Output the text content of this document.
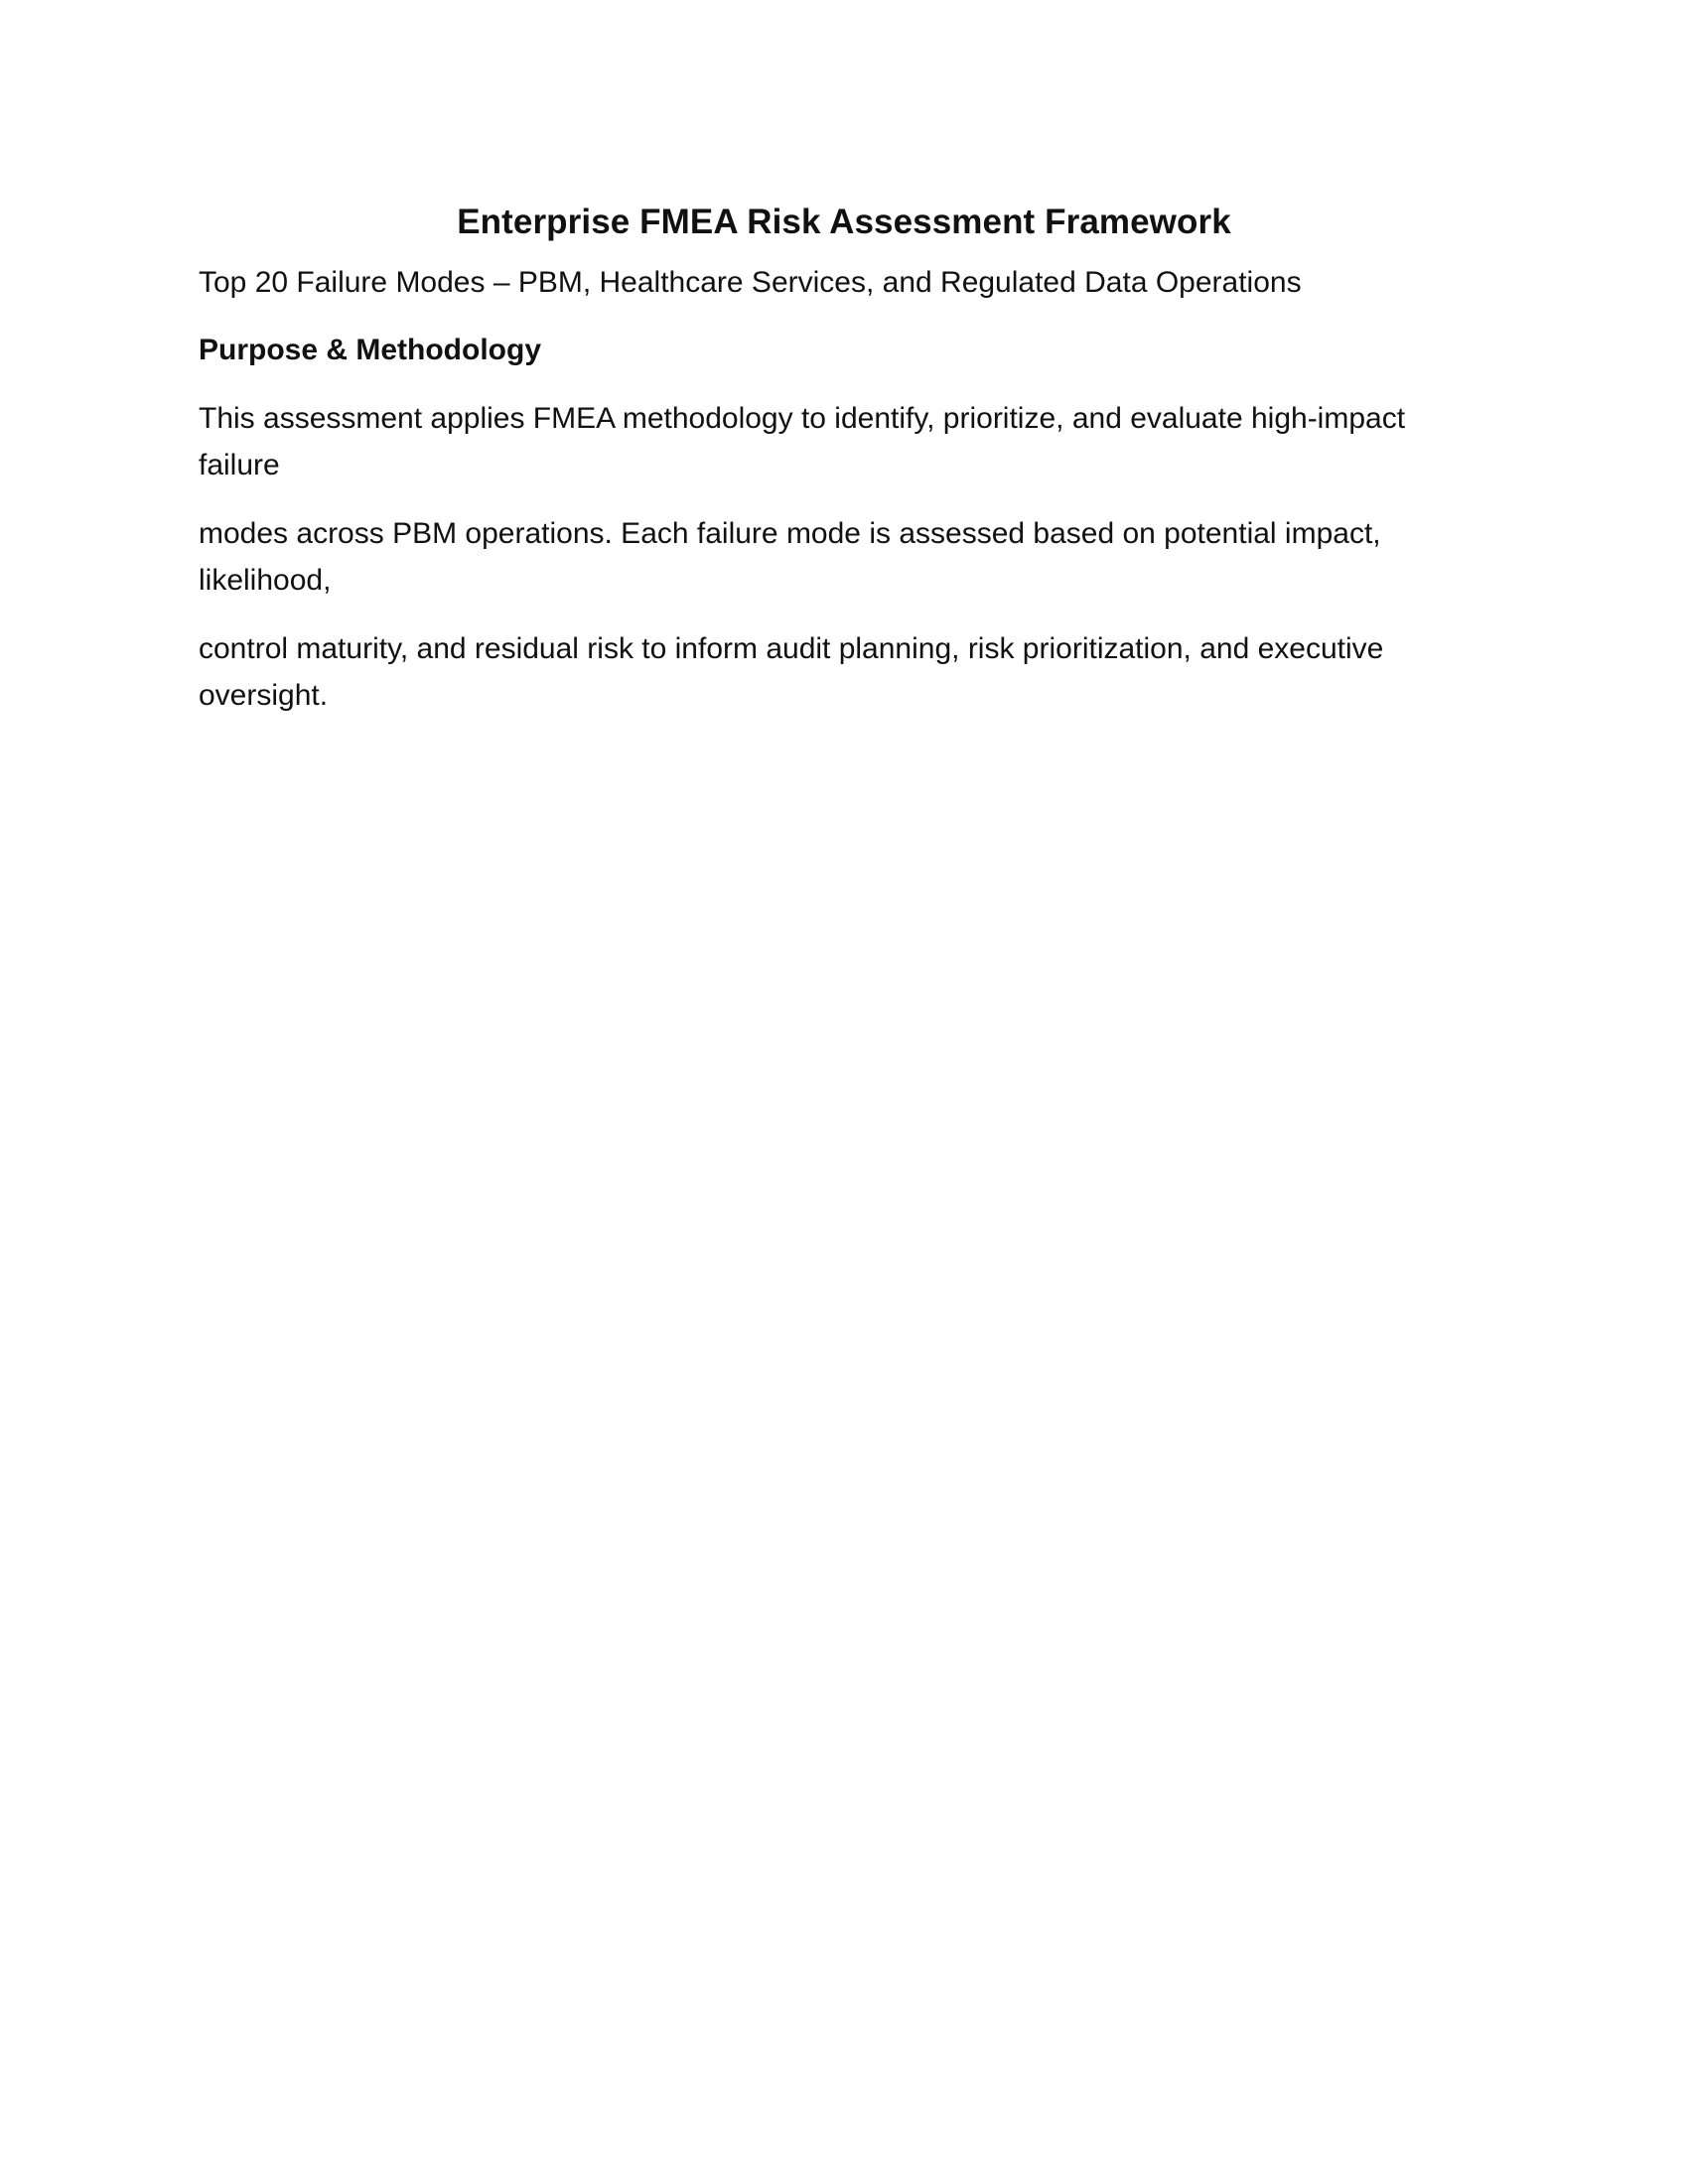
Enterprise FMEA Risk Assessment Framework

Top 20 Failure Modes – PBM, Healthcare Services, and Regulated Data Operations

Purpose & Methodology

This assessment applies FMEA methodology to identify, prioritize, and evaluate high-impact failure

modes across PBM operations. Each failure mode is assessed based on potential impact, likelihood,

control maturity, and residual risk to inform audit planning, risk prioritization, and executive oversight.
